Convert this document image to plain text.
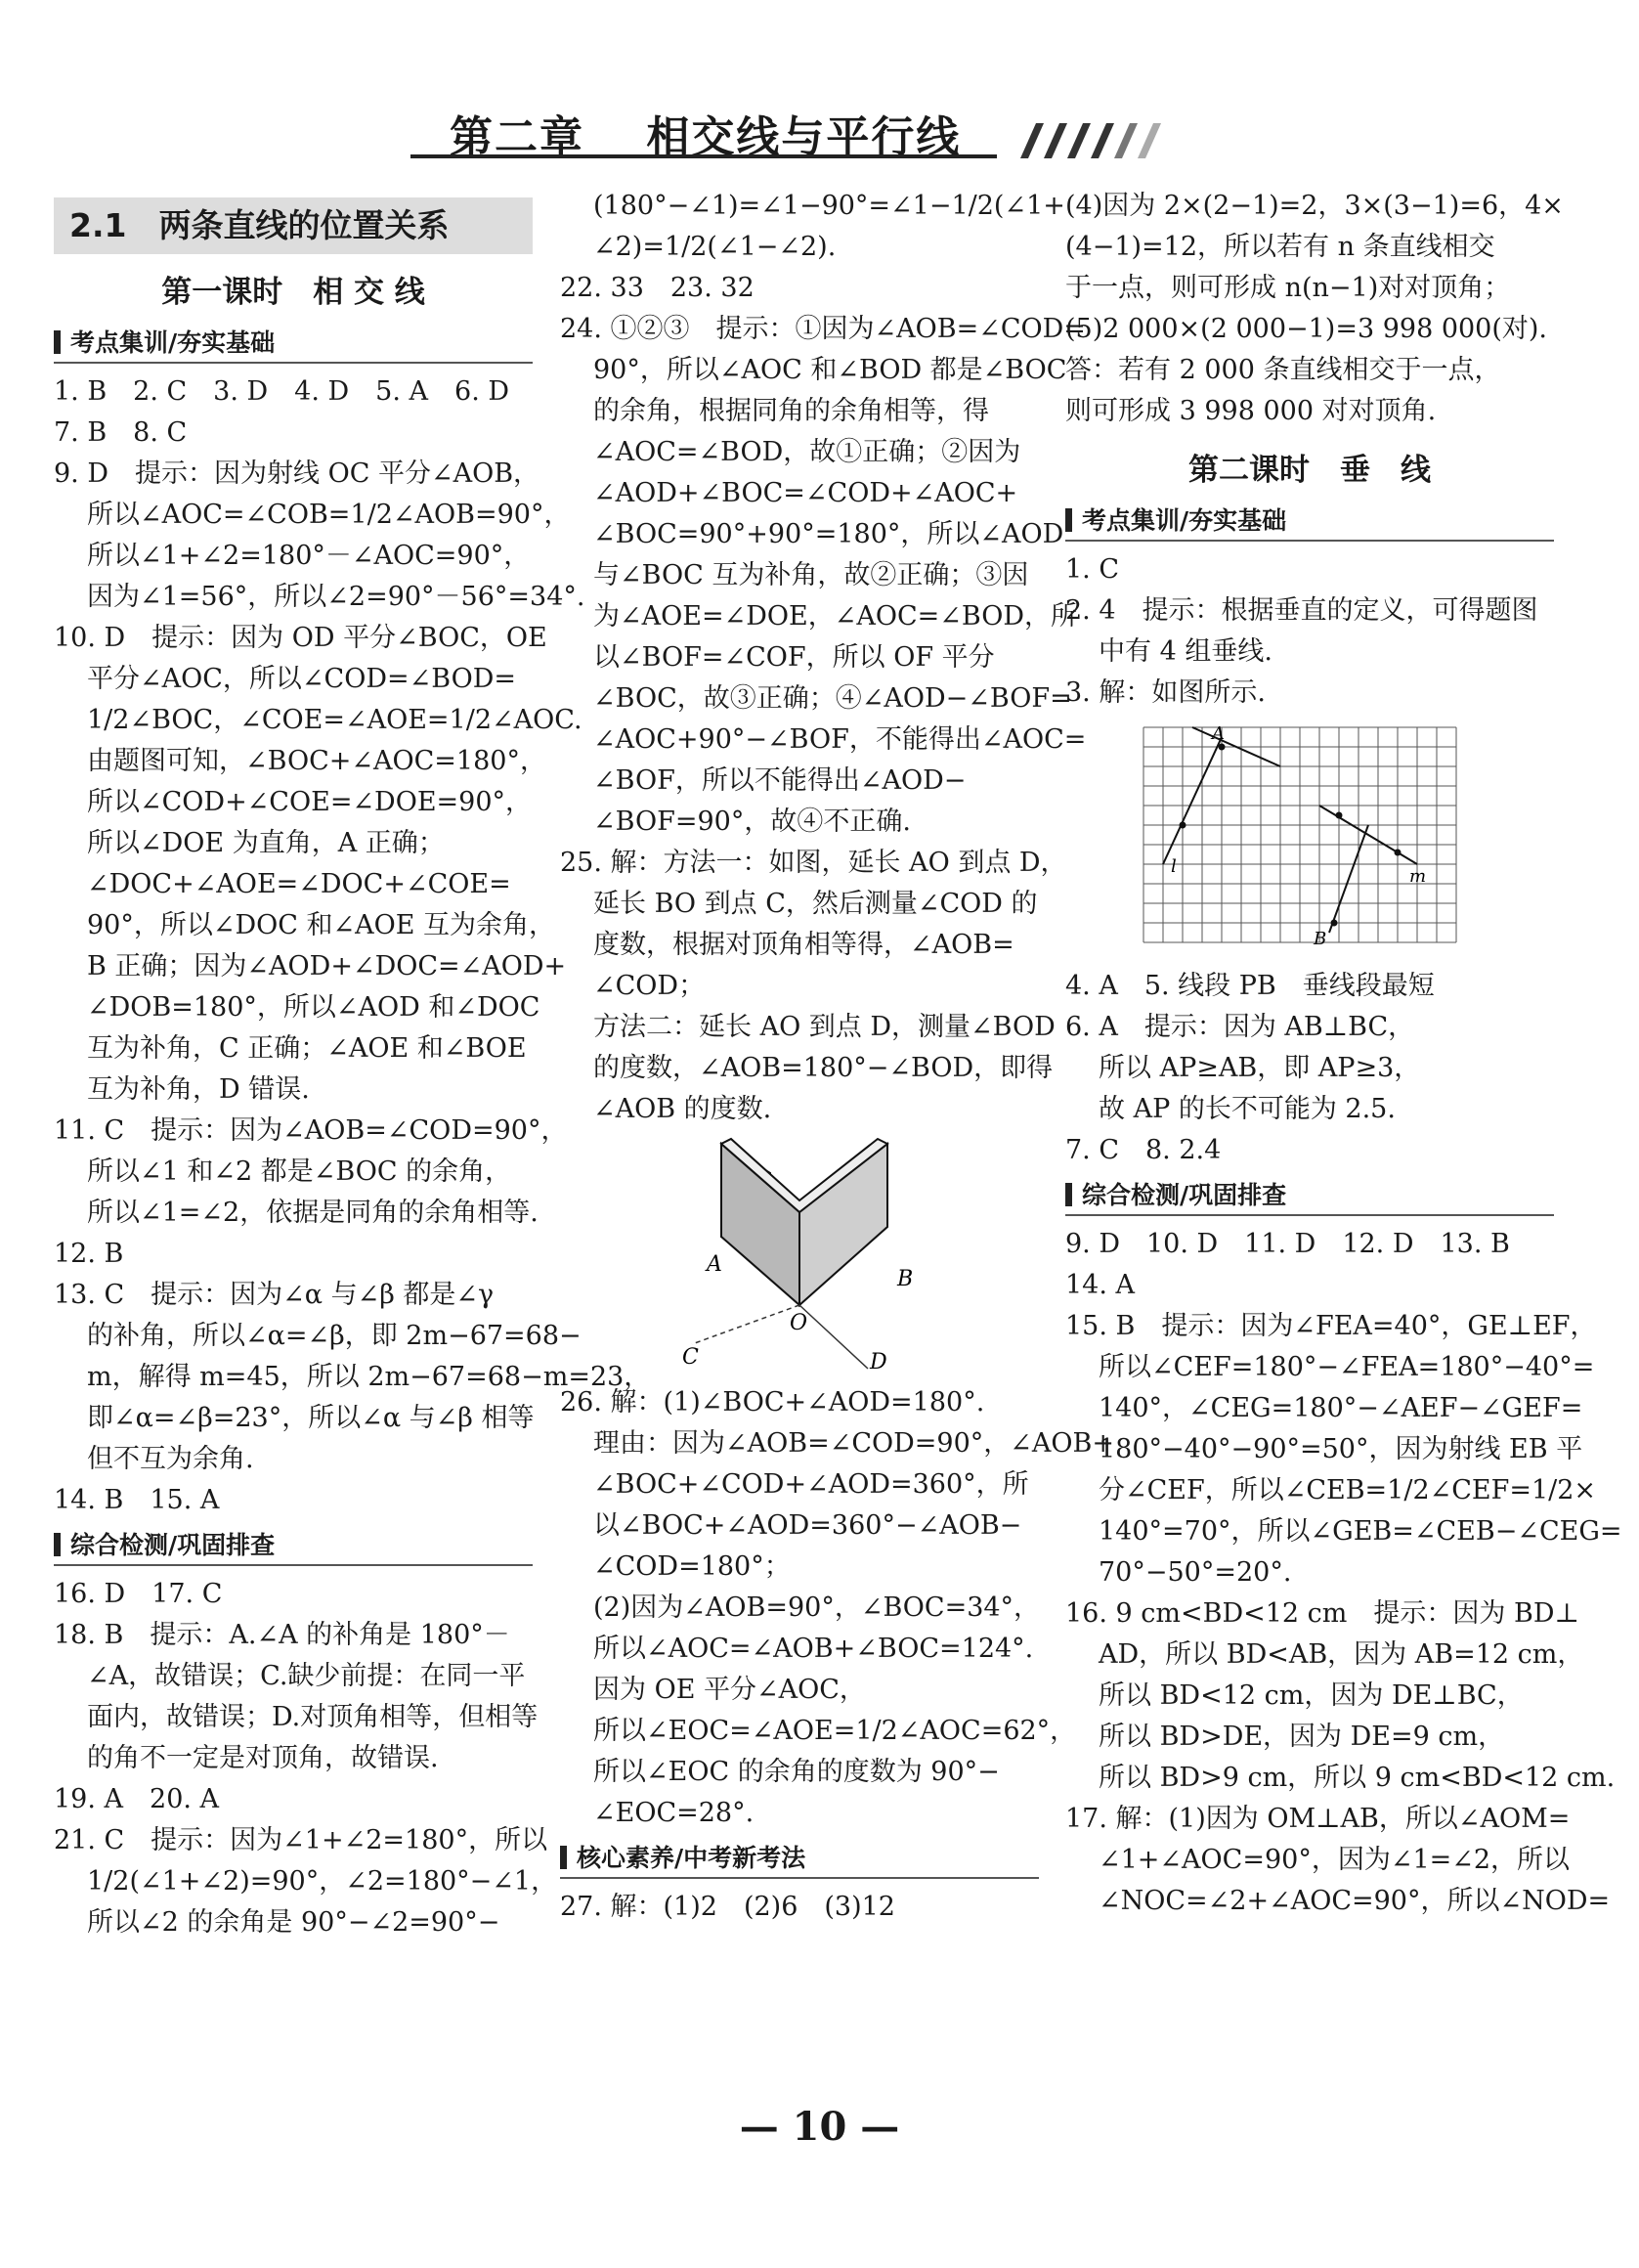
第二章　 相交线与平行线
2.1　两条直线的位置关系
第一课时　相 交 线
考点集训/夯实基础

1. B　2. C　3. D　4. D　5. A　6. D

7. B　8. C

9. D　提示：因为射线 OC 平分∠AOB，

所以∠AOC=∠COB=1/2∠AOB=90°，

所以∠1+∠2=180°－∠AOC=90°，

因为∠1=56°，所以∠2=90°－56°=34°.

10. D　提示：因为 OD 平分∠BOC，OE

平分∠AOC，所以∠COD=∠BOD=

1/2∠BOC，∠COE=∠AOE=1/2∠AOC.

由题图可知，∠BOC+∠AOC=180°，

所以∠COD+∠COE=∠DOE=90°，

所以∠DOE 为直角，A 正确；

∠DOC+∠AOE=∠DOC+∠COE=

90°，所以∠DOC 和∠AOE 互为余角，

B 正确；因为∠AOD+∠DOC=∠AOD+

∠DOB=180°，所以∠AOD 和∠DOC

互为补角，C 正确；∠AOE 和∠BOE

互为补角，D 错误.

11. C　提示：因为∠AOB=∠COD=90°，

所以∠1 和∠2 都是∠BOC 的余角，

所以∠1=∠2，依据是同角的余角相等.

12. B

13. C　提示：因为∠α 与∠β 都是∠γ

的补角，所以∠α=∠β，即 2m−67=68−

m，解得 m=45，所以 2m−67=68−m=23，

即∠α=∠β=23°，所以∠α 与∠β 相等

但不互为余角.

14. B　15. A

综合检测/巩固排查

16. D　17. C

18. B　提示：A.∠A 的补角是 180°－

∠A，故错误；C.缺少前提：在同一平

面内，故错误；D.对顶角相等，但相等

的角不一定是对顶角，故错误.

19. A　20. A

21. C　提示：因为∠1+∠2=180°，所以

1/2(∠1+∠2)=90°，∠2=180°−∠1，

所以∠2 的余角是 90°−∠2=90°−

(180°−∠1)=∠1−90°=∠1−1/2(∠1+

∠2)=1/2(∠1−∠2).

22. 33　23. 32

24. ①②③　提示：①因为∠AOB=∠COD=

90°，所以∠AOC 和∠BOD 都是∠BOC

的余角，根据同角的余角相等，得

∠AOC=∠BOD，故①正确；②因为

∠AOD+∠BOC=∠COD+∠AOC+

∠BOC=90°+90°=180°，所以∠AOD

与∠BOC 互为补角，故②正确；③因

为∠AOE=∠DOE，∠AOC=∠BOD，所

以∠BOF=∠COF，所以 OF 平分

∠BOC，故③正确；④∠AOD−∠BOF=

∠AOC+90°−∠BOF，不能得出∠AOC=

∠BOF，所以不能得出∠AOD−

∠BOF=90°，故④不正确.

25. 解：方法一：如图，延长 AO 到点 D，

延长 BO 到点 C，然后测量∠COD 的

度数，根据对顶角相等得，∠AOB=

∠COD；

方法二：延长 AO 到点 D，测量∠BOD

的度数，∠AOB=180°−∠BOD，即得

∠AOB 的度数.

A
B
O
C	D

26. 解：(1)∠BOC+∠AOD=180°.

理由：因为∠AOB=∠COD=90°，∠AOB+

∠BOC+∠COD+∠AOD=360°，所

以∠BOC+∠AOD=360°−∠AOB−

∠COD=180°；

(2)因为∠AOB=90°，∠BOC=34°，

所以∠AOC=∠AOB+∠BOC=124°.

因为 OE 平分∠AOC，

所以∠EOC=∠AOE=1/2∠AOC=62°，

所以∠EOC 的余角的度数为 90°−

∠EOC=28°.

核心素养/中考新考法

27. 解：(1)2　(2)6　(3)12

(4)因为 2×(2−1)=2，3×(3−1)=6，4×

(4−1)=12，所以若有 n 条直线相交

于一点，则可形成 n(n−1)对对顶角；

(5)2 000×(2 000−1)=3 998 000(对).

答：若有 2 000 条直线相交于一点，

则可形成 3 998 000 对对顶角.

第二课时　垂　线
考点集训/夯实基础

1. C

2. 4　提示：根据垂直的定义，可得题图

中有 4 组垂线.

3. 解：如图所示.

A
l
B
m

4. A　5. 线段 PB　垂线段最短

6. A　提示：因为 AB⊥BC，

所以 AP≥AB，即 AP≥3，

故 AP 的长不可能为 2.5.

7. C　8. 2.4

综合检测/巩固排查

9. D　10. D　11. D　12. D　13. B

14. A

15. B　提示：因为∠FEA=40°，GE⊥EF，

所以∠CEF=180°−∠FEA=180°−40°=

140°，∠CEG=180°−∠AEF−∠GEF=

180°−40°−90°=50°，因为射线 EB 平

分∠CEF，所以∠CEB=1/2∠CEF=1/2×

140°=70°，所以∠GEB=∠CEB−∠CEG=

70°−50°=20°.

16. 9 cm<BD<12 cm　提示：因为 BD⊥

AD，所以 BD<AB，因为 AB=12 cm，

所以 BD<12 cm，因为 DE⊥BC，

所以 BD>DE，因为 DE=9 cm，

所以 BD>9 cm，所以 9 cm<BD<12 cm.

17. 解：(1)因为 OM⊥AB，所以∠AOM=

∠1+∠AOC=90°，因为∠1=∠2，所以

∠NOC=∠2+∠AOC=90°，所以∠NOD=

— 10 —
